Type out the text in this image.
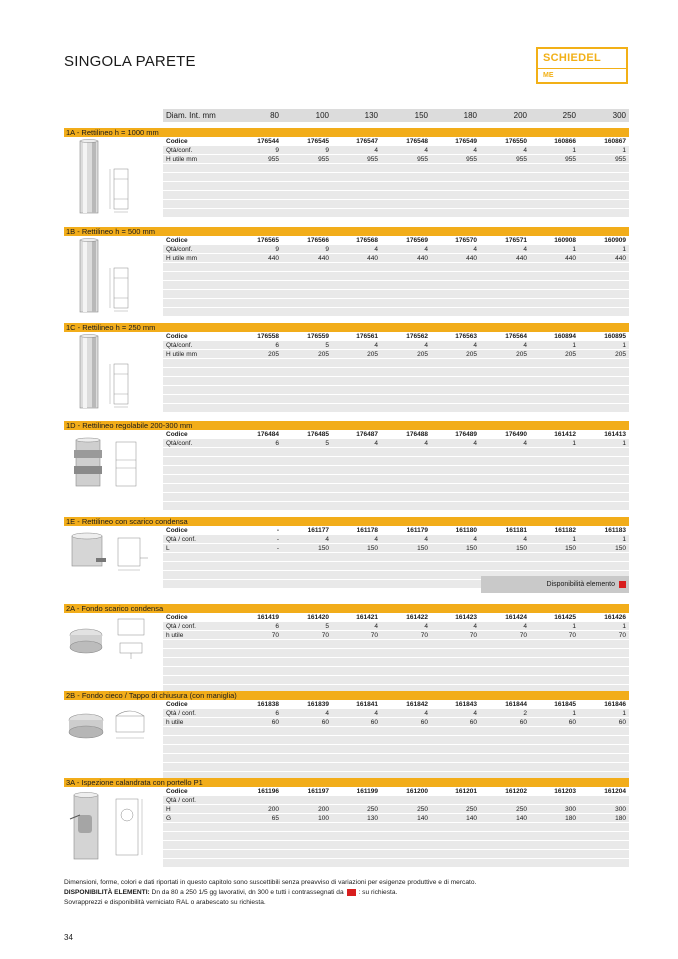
SINGOLA PARETE	SCHIEDEL
ME
Diam. Int. mm	80	100	130	150	180	200	250	300
1A - Rettilineo h = 1000 mm
Codice	176544	176545	176547	176548	176549	176550	160866	160867
Qtà/conf.	9	9	4	4	4	4	1	1
H utile mm	955	955	955	955	955	955	955	955
1B - Rettilineo h = 500 mm
Codice	176565	176566	176568	176569	176570	176571	160908	160909
Qtà/conf.	9	9	4	4	4	4	1	1
H utile mm	440	440	440	440	440	440	440	440
1C - Rettilineo h = 250 mm
Codice	176558	176559	176561	176562	176563	176564	160894	160895
Qtà/conf.	6	5	4	4	4	4	1	1
H utile mm	205	205	205	205	205	205	205	205
1D - Rettilineo regolabile 200-300 mm
Codice	176484	176485	176487	176488	176489	176490	161412	161413
Qtà/conf.	6	5	4	4	4	4	1	1
1E - Rettilineo con scarico condensa
Codice	-	161177	161178	161179	161180	161181	161182	161183
Qtà / conf.	-	4	4	4	4	4	1	1
L	-	150	150	150	150	150	150	150
2A - Fondo scarico condensa
Codice	161419	161420	161421	161422	161423	161424	161425	161426
Qtà / conf.	6	5	4	4	4	4	1	1
h utile	70	70	70	70	70	70	70	70
2B - Fondo cieco / Tappo di chiusura (con maniglia)
Codice	161838	161839	161841	161842	161843	161844	161845	161846
Qtà / conf.	6	4	4	4	4	2	1	1
h utile	60	60	60	60	60	60	60	60
3A - Ispezione calandrata con portello P1
Codice	161196	161197	161199	161200	161201	161202	161203	161204
Qtà / conf.
H	200	200	250	250	250	250	300	300
G	65	100	130	140	140	140	180	180
Disponibilità elemento
Dimensioni, forme, colori e dati riportati in questo capitolo sono suscettibili senza preavviso di variazioni per esigenze produttive e di mercato.
DISPONIBILITÀ ELEMENTI: Dn da 80 a 250 1/5 gg lavorativi, dn 300 e tutti i contrassegnati da : su richiesta.
Sovrapprezzi e disponibilità verniciato RAL o arabescato su richiesta.
34
